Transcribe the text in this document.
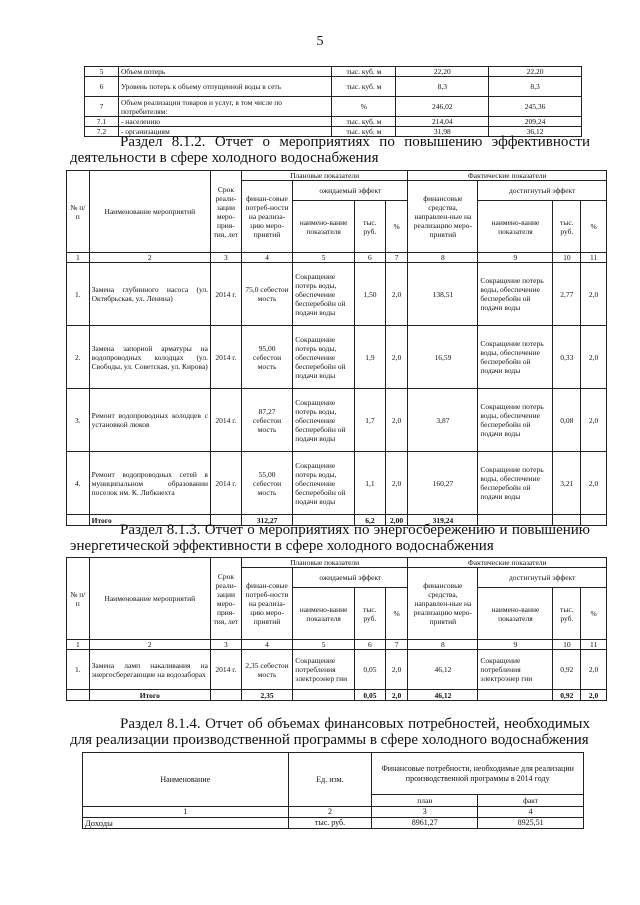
5
5	Объем потерь	тыс. куб. м	22,20	22,20
6	Уровень потерь к объему отпущенной воды в сеть	тыс. куб. м	8,3	8,3
7	Объем реализации товаров и услуг, в том числе по потребителям:	%	246,02	245,36
7.1	- населению	тыс. куб. м	214,04	209,24
7.2	- организациям	тыс. куб. м	31,98	36,12
Раздел 8.1.2. Отчет о мероприятиях по повышению эффективности
деятельности в сфере холодного водоснабжения
№ п/п	Наименование мероприятий	Срок реали-зации меро-прия-тия, лет	Плановые показатели				Фактические показатели			
			финан-совые потреб-ности на реализа-цию меро-приятий	ожидаемый эффект			финансовые средства, направлен-ные на реализацию меро-приятий	достигнутый эффект		
				наимено-вание показателя	тыс. руб.	%		наимено-вание показателя	тыс. руб.	%
1	2	3	4	5	6	7	8	9	10	11
1.	Замена глубинного насоса (ул. Октябрьская, ул. Ленина)	2014 г.	75,0 себестои мость	Сокращение потерь воды, обеспечение бесперебойн ой подачи воды	1,50	2,0	138,51	Сокращение потерь воды, обеспечение бесперебойн ой подачи воды	2,77	2,0
2.	Замена запорной арматуры на водопроводных колодцах (ул. Свободы, ул. Советская, ул. Кирова)	2014 г.	95,00 себестои мость	Сокращение потерь воды, обеспечение бесперебойн ой подачи воды	1,9	2,0	16,59	Сокращение потерь воды, обеспечение бесперебойн ой подачи воды	0,33	2,0
3.	Ремонт водопроводных колодцев с установкой люков	2014 г.	87,27 себестои мость	Сокращение потерь воды, обеспечение бесперебойн ой подачи воды	1,7	2,0	3,87	Сокращение потерь воды, обеспечение бесперебойн ой подачи воды	0,08	2,0
4.	Ремонт водопроводных сетей в муниципальном образовании поселок им. К. Либкнехта	2014 г.	55,00 себестои мость	Сокращение потерь воды, обеспечение бесперебойн ой подачи воды	1,1	2,0	160,27	Сокращение потерь воды, обеспечение бесперебойн ой подачи воды	3,21	2,0
	Итого		312,27		6,2	2,00	319,24			
Раздел 8.1.3. Отчет о мероприятиях по энергосбережению и повышению
энергетической эффективности в сфере холодного водоснабжения
№ п/п	Наименование мероприятий	Срок реали-зации меро-прия-тия, лет	Плановые показатели				Фактические показатели			
			финан-совые потреб-ности на реализа-цию меро-приятий	ожидаемый эффект			финансовые средства, направлен-ные на реализацию меро-приятий	достигнутый эффект		
				наимено-вание показателя	тыс. руб.	%		наимено-вание показателя	тыс. руб.	%
1	2	3	4	5	6	7	8	9	10	11
1.	Замена ламп накаливания на энергосберегающие на водозаборах	2014 г.	2,35 себестои мость	Сокращение потребления электроэнер гии	0,05	2,0	46,12	Сокращение потребления электроэнер гии	0,92	2,0
	Итого		2,35		0,05	2,0	46,12		0,92	2,0
Раздел 8.1.4. Отчет об объемах финансовых потребностей, необходимых
для реализации производственной программы в сфере холодного водоснабжения
Наименование	Ед. изм.	Финансовые потребности, необходимые для реализации производственной программы в 2014 году	
		план	факт
1	2	3	4
Доходы	тыс. руб.	8961,27	8925,51
